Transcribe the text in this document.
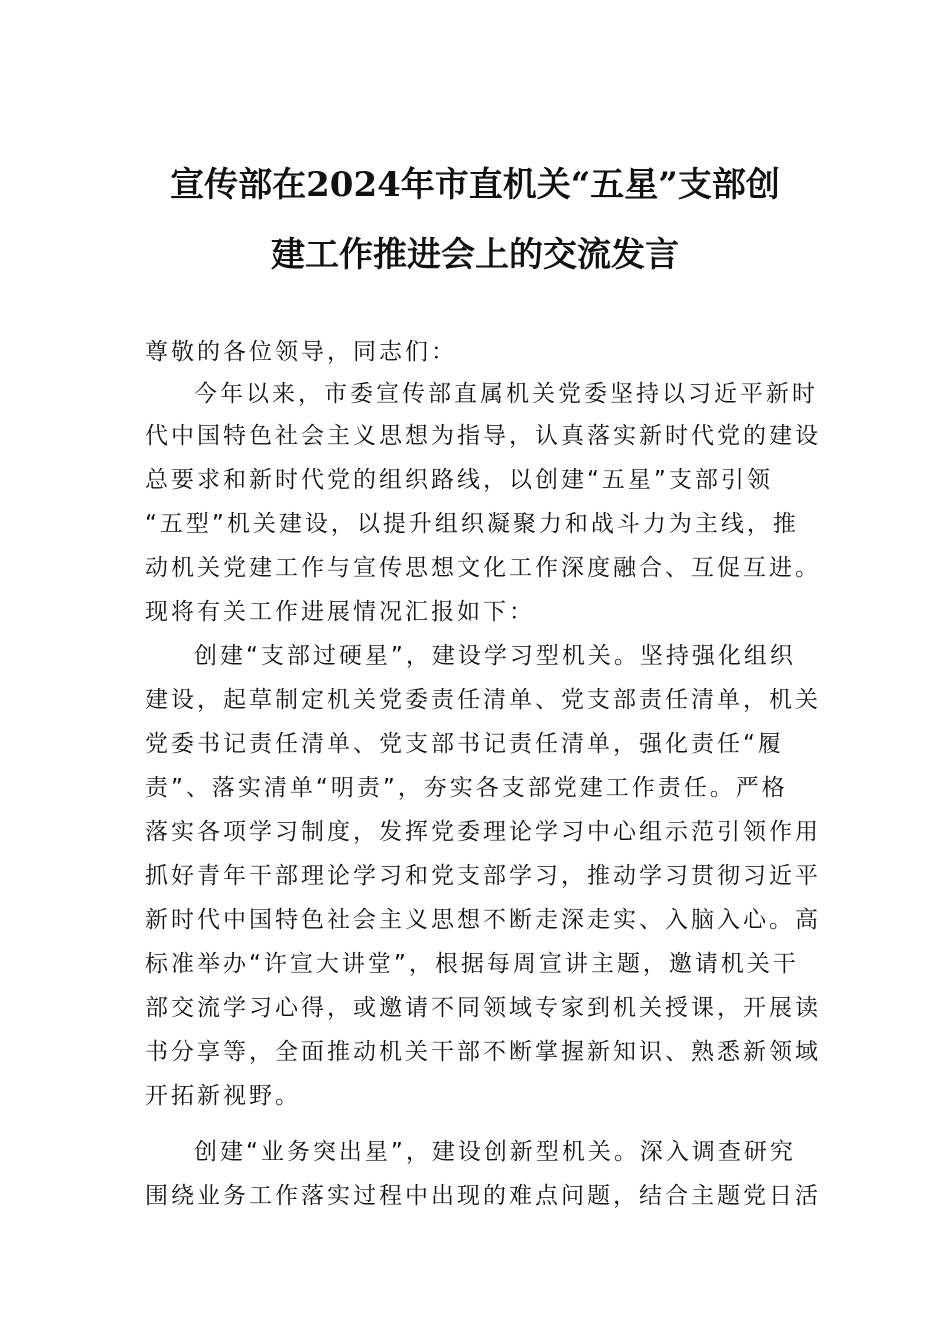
宣传部在2024年市直机关“五星”支部创
建工作推进会上的交流发言
尊敬的各位领导，同志们：
今年以来，市委宣传部直属机关党委坚持以习近平新时
代中国特色社会主义思想为指导，认真落实新时代党的建设
总要求和新时代党的组织路线，以创建“五星”支部引领
“五型”机关建设，以提升组织凝聚力和战斗力为主线，推
动机关党建工作与宣传思想文化工作深度融合、互促互进。
现将有关工作进展情况汇报如下：
创建“支部过硬星”，建设学习型机关。坚持强化组织
建设，起草制定机关党委责任清单、党支部责任清单，机关
党委书记责任清单、党支部书记责任清单，强化责任“履
责”、落实清单“明责”，夯实各支部党建工作责任。严格
落实各项学习制度，发挥党委理论学习中心组示范引领作用
抓好青年干部理论学习和党支部学习，推动学习贯彻习近平
新时代中国特色社会主义思想不断走深走实、入脑入心。高
标准举办“许宣大讲堂”，根据每周宣讲主题，邀请机关干
部交流学习心得，或邀请不同领域专家到机关授课，开展读
书分享等，全面推动机关干部不断掌握新知识、熟悉新领域
开拓新视野。
创建“业务突出星”，建设创新型机关。深入调查研究
围绕业务工作落实过程中出现的难点问题，结合主题党日活
